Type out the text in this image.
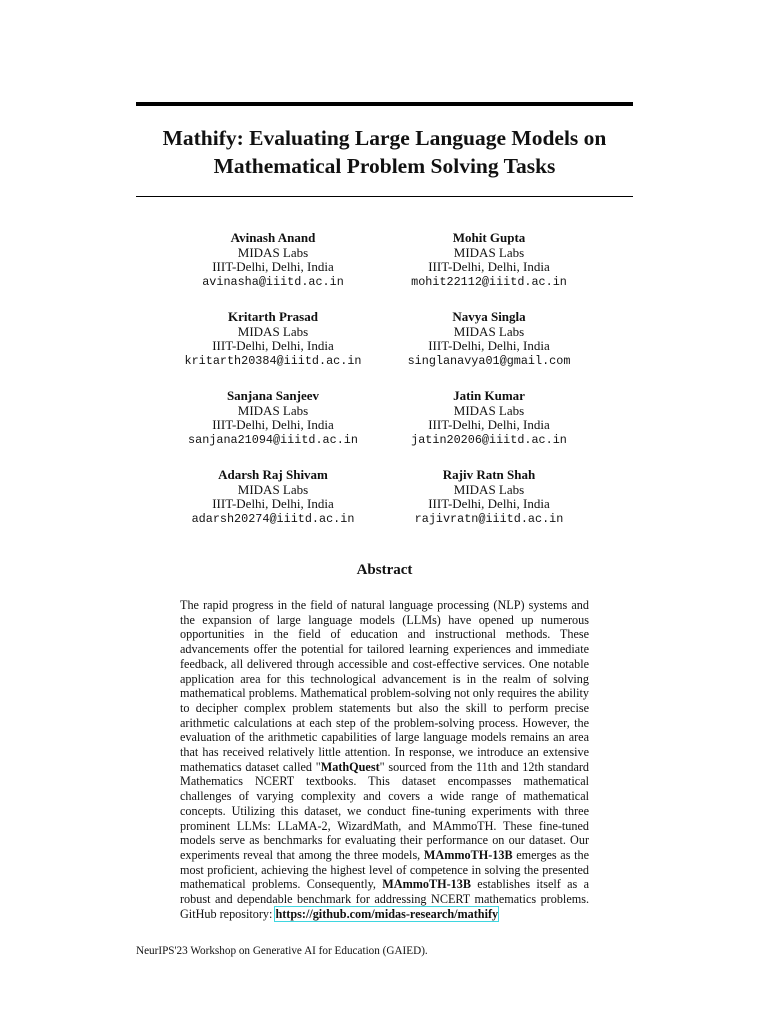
Mathify: Evaluating Large Language Models on
Mathematical Problem Solving Tasks
Avinash Anand
MIDAS Labs
IIIT-Delhi, Delhi, India
avinasha@iiitd.ac.in
Mohit Gupta
MIDAS Labs
IIIT-Delhi, Delhi, India
mohit22112@iiitd.ac.in
Kritarth Prasad
MIDAS Labs
IIIT-Delhi, Delhi, India
kritarth20384@iiitd.ac.in
Navya Singla
MIDAS Labs
IIIT-Delhi, Delhi, India
singlanavya01@gmail.com
Sanjana Sanjeev
MIDAS Labs
IIIT-Delhi, Delhi, India
sanjana21094@iiitd.ac.in
Jatin Kumar
MIDAS Labs
IIIT-Delhi, Delhi, India
jatin20206@iiitd.ac.in
Adarsh Raj Shivam
MIDAS Labs
IIIT-Delhi, Delhi, India
adarsh20274@iiitd.ac.in
Rajiv Ratn Shah
MIDAS Labs
IIIT-Delhi, Delhi, India
rajivratn@iiitd.ac.in
Abstract
The rapid progress in the field of natural language processing (NLP) systems and the expansion of large language models (LLMs) have opened up numerous opportunities in the field of education and instructional methods. These advancements offer the potential for tailored learning experiences and immediate feedback, all delivered through accessible and cost-effective services. One notable application area for this technological advancement is in the realm of solving mathematical problems. Mathematical problem-solving not only requires the ability to decipher complex problem statements but also the skill to perform precise arithmetic calculations at each step of the problem-solving process. However, the evaluation of the arithmetic capabilities of large language models remains an area that has received relatively little attention. In response, we introduce an extensive mathematics dataset called "MathQuest" sourced from the 11th and 12th standard Mathematics NCERT textbooks. This dataset encompasses mathematical challenges of varying complexity and covers a wide range of mathematical concepts. Utilizing this dataset, we conduct fine-tuning experiments with three prominent LLMs: LLaMA-2, WizardMath, and MAmmoTH. These fine-tuned models serve as benchmarks for evaluating their performance on our dataset. Our experiments reveal that among the three models, MAmmoTH-13B emerges as the most proficient, achieving the highest level of competence in solving the presented mathematical problems. Consequently, MAmmoTH-13B establishes itself as a robust and dependable benchmark for addressing NCERT mathematics problems. GitHub repository: https://github.com/midas-research/mathify
NeurIPS'23 Workshop on Generative AI for Education (GAIED).
